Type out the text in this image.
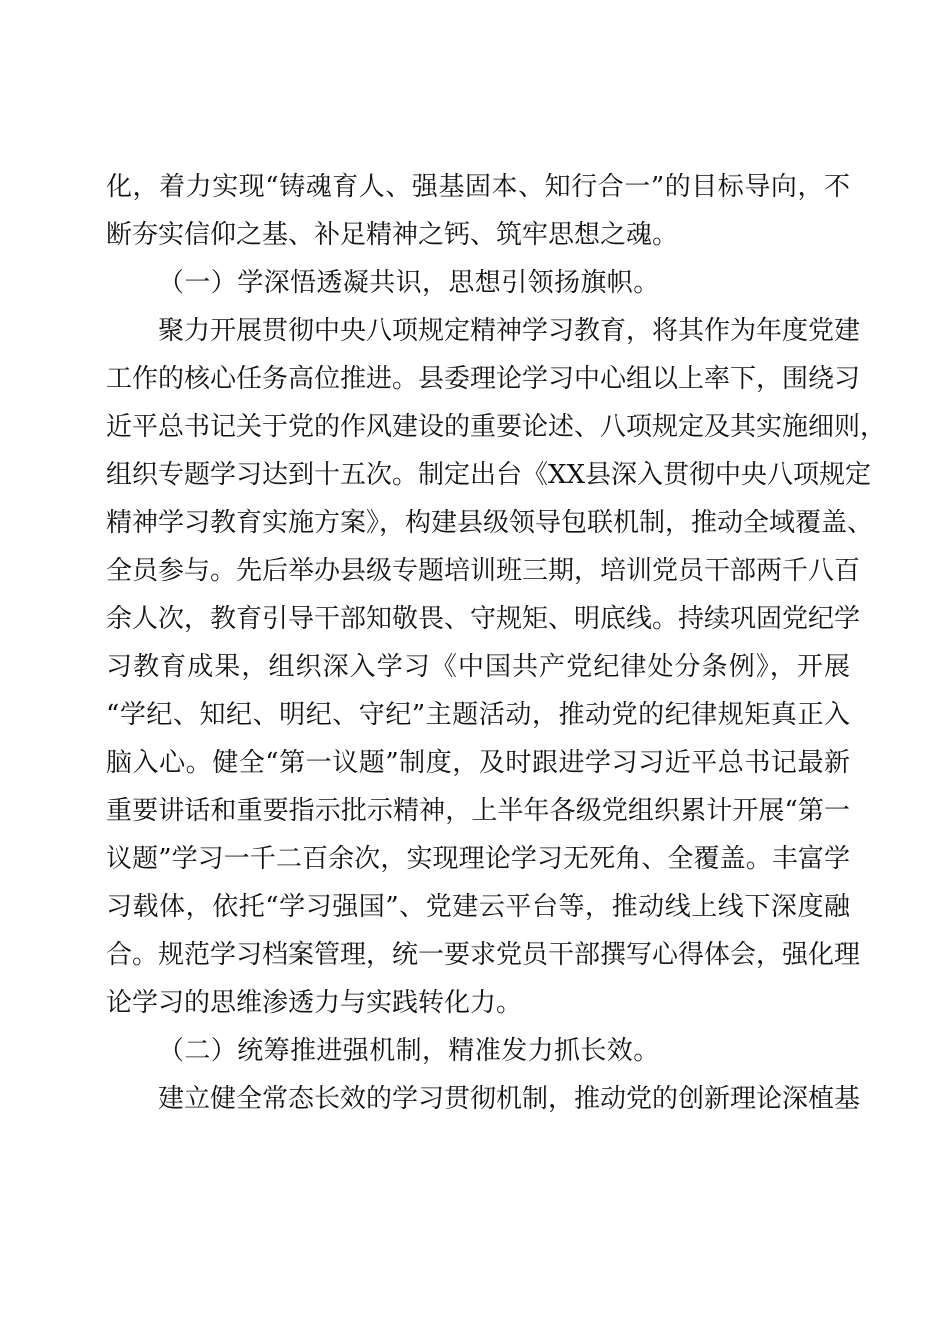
化，着力实现“铸魂育人、强基固本、知行合一”的目标导向，不
断夯实信仰之基、补足精神之钙、筑牢思想之魂。
（一）学深悟透凝共识，思想引领扬旗帜。
聚力开展贯彻中央八项规定精神学习教育，将其作为年度党建
工作的核心任务高位推进。县委理论学习中心组以上率下，围绕习
近平总书记关于党的作风建设的重要论述、八项规定及其实施细则，
组织专题学习达到十五次。制定出台《XX县深入贯彻中央八项规定
精神学习教育实施方案》，构建县级领导包联机制，推动全域覆盖、
全员参与。先后举办县级专题培训班三期，培训党员干部两千八百
余人次，教育引导干部知敬畏、守规矩、明底线。持续巩固党纪学
习教育成果，组织深入学习《中国共产党纪律处分条例》，开展
“学纪、知纪、明纪、守纪”主题活动，推动党的纪律规矩真正入
脑入心。健全“第一议题”制度，及时跟进学习习近平总书记最新
重要讲话和重要指示批示精神，上半年各级党组织累计开展“第一
议题”学习一千二百余次，实现理论学习无死角、全覆盖。丰富学
习载体，依托“学习强国”、党建云平台等，推动线上线下深度融
合。规范学习档案管理，统一要求党员干部撰写心得体会，强化理
论学习的思维渗透力与实践转化力。
（二）统筹推进强机制，精准发力抓长效。
建立健全常态长效的学习贯彻机制，推动党的创新理论深植基
